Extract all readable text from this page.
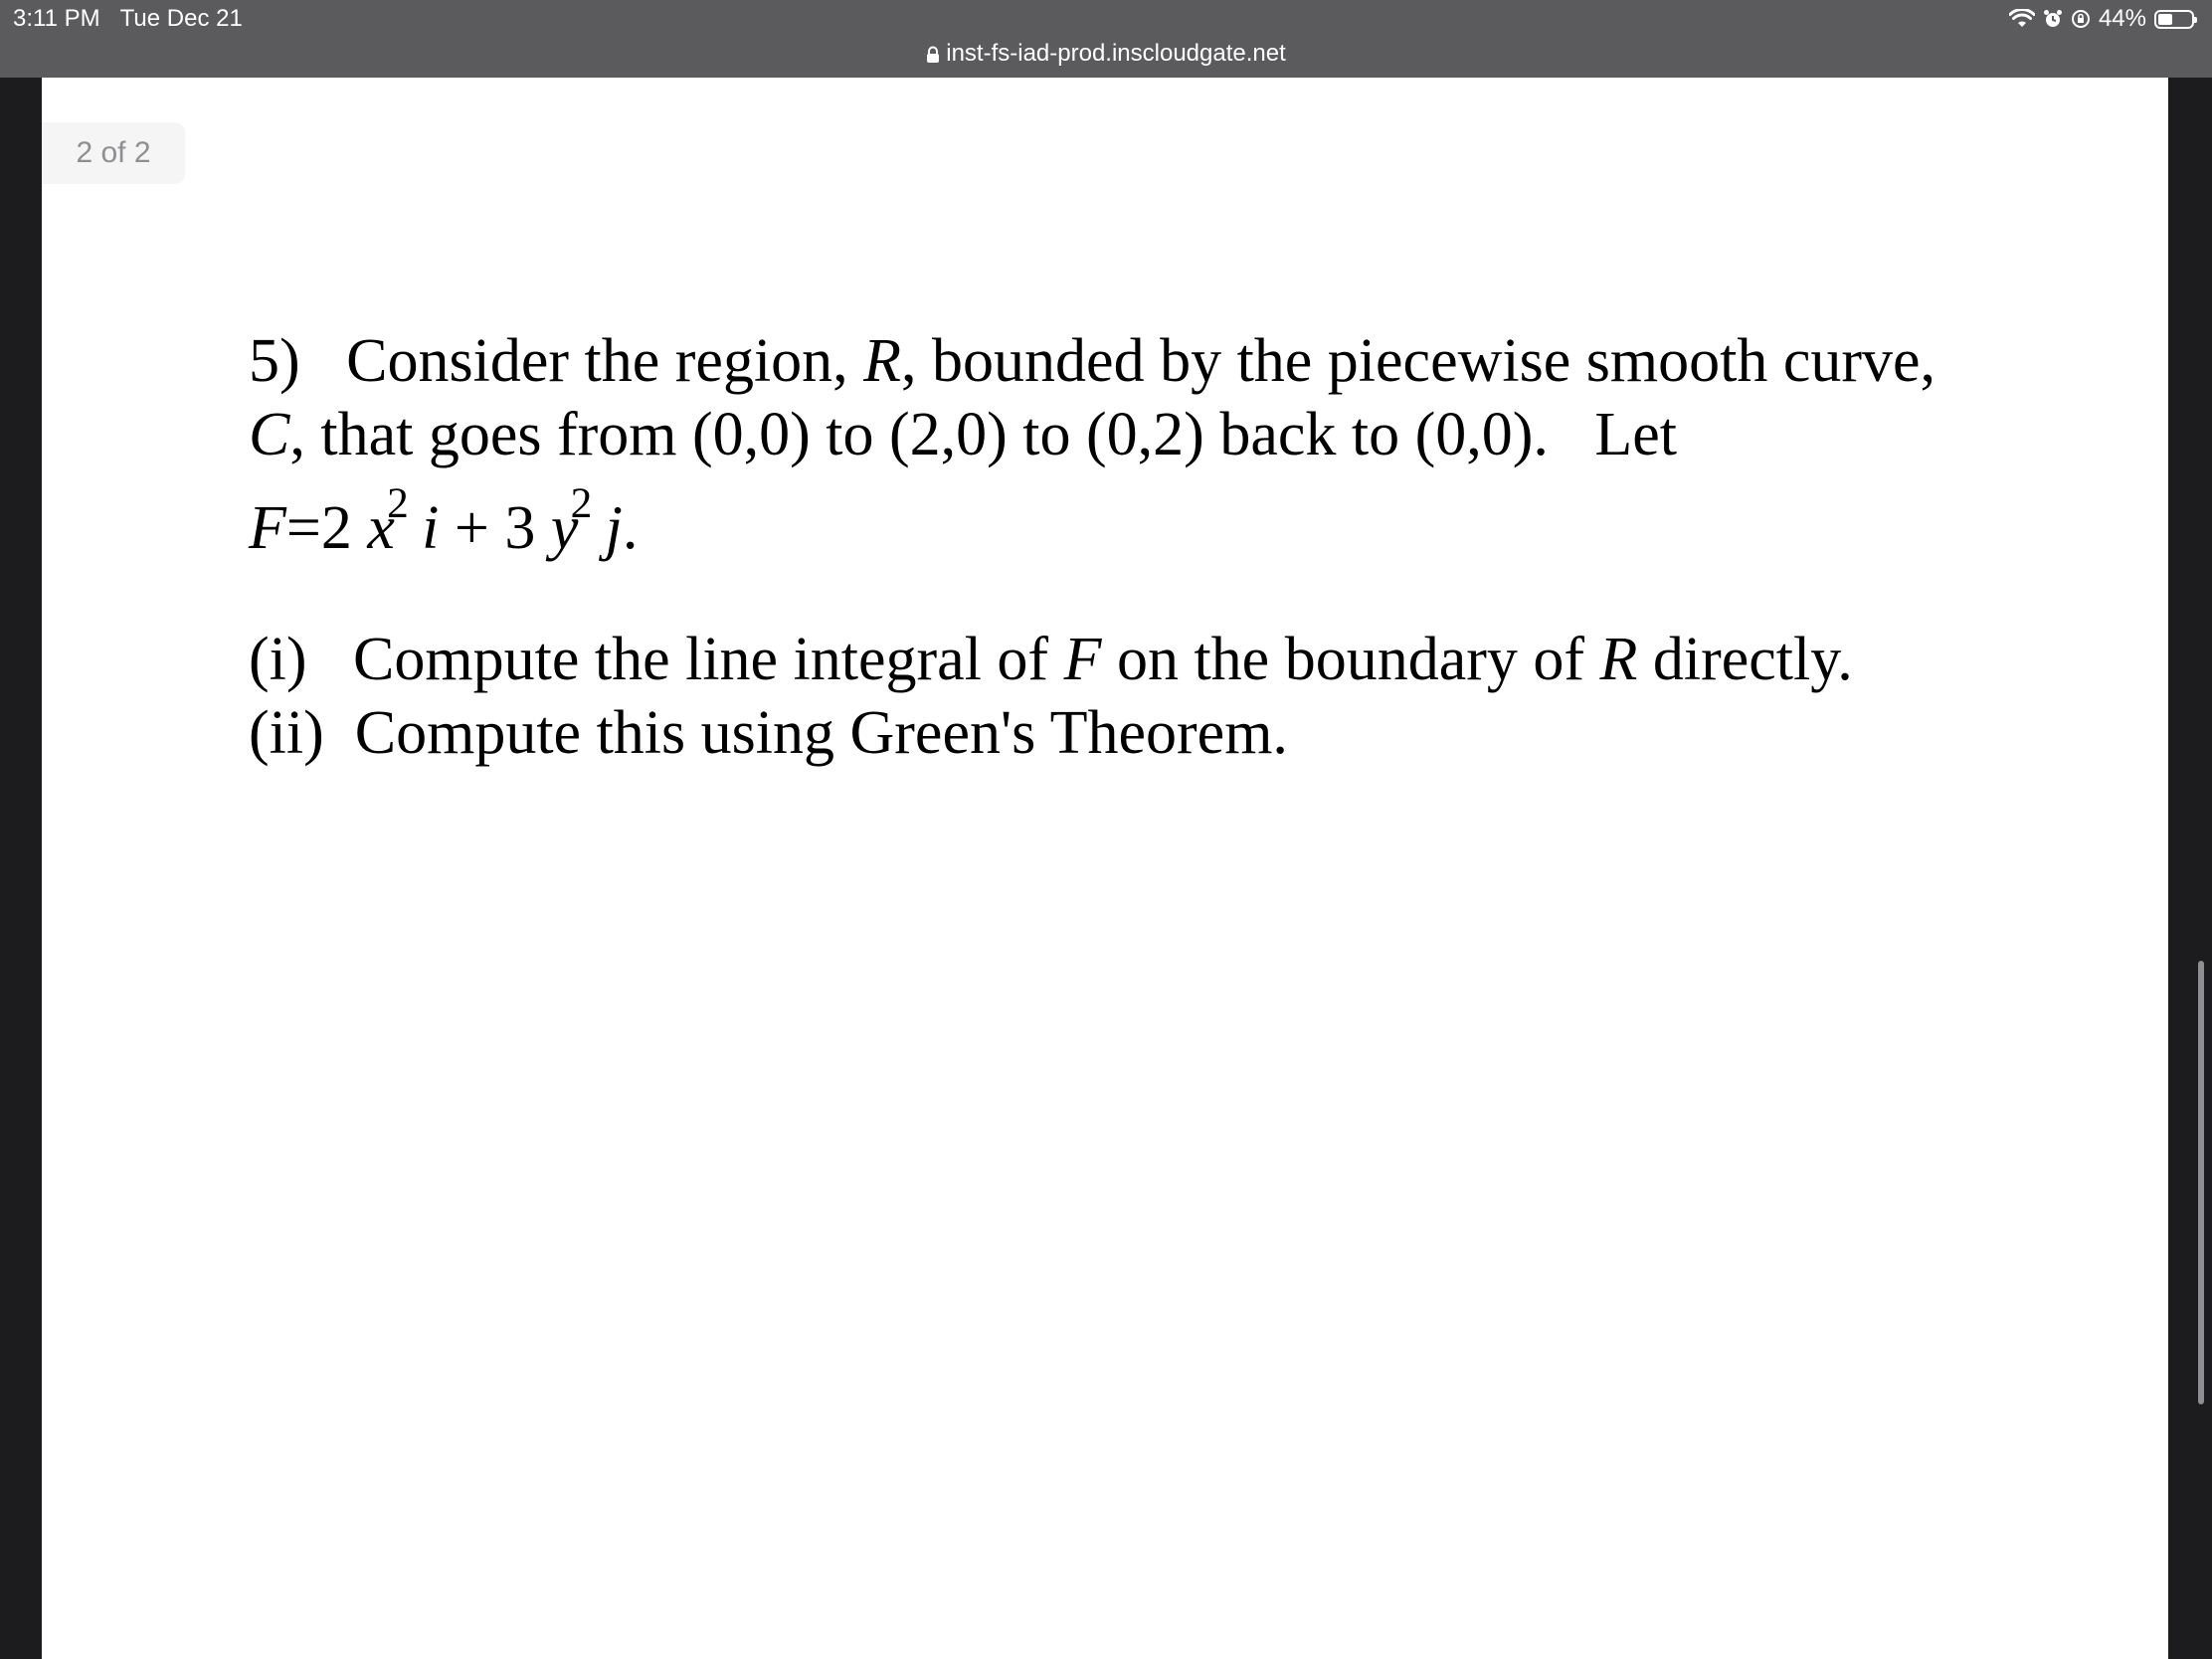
3:11 PM Tue Dec 21	44%
inst-fs-iad-prod.inscloudgate.net
2 of 2
5) Consider the region, R, bounded by the piecewise smooth curve,
C, that goes from (0,0) to (2,0) to (0,2) back to (0,0). Let
F=2 $x^2$ i + 3 $y^2$ j.
(i) Compute the line integral of F on the boundary of R directly.
(ii) Compute this using Green's Theorem.
